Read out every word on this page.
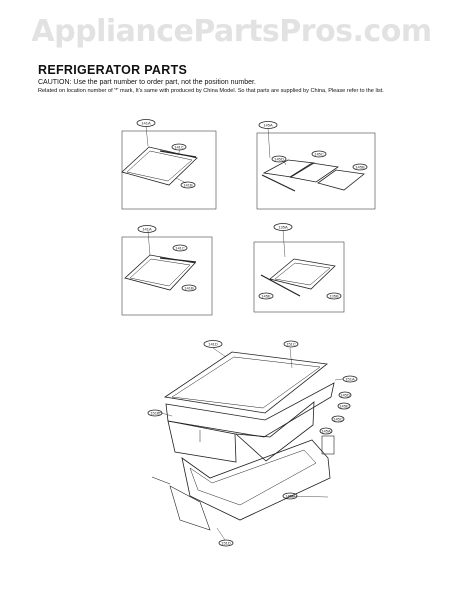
AppliancePartsPros.com
REFRIGERATOR PARTS
CAUTION: Use the part number to order part, not the position number.
Related on location number of '*' mark, It's same with produced by China Model. So that parts are supplied by China, Please refer to the list.
141A
141C
141B
145A
145D
145C
145B
141A
141C
141B
135A
145E	135B
141D	151C
151A
151B
145D
145E
145C
145A
145B
151D
